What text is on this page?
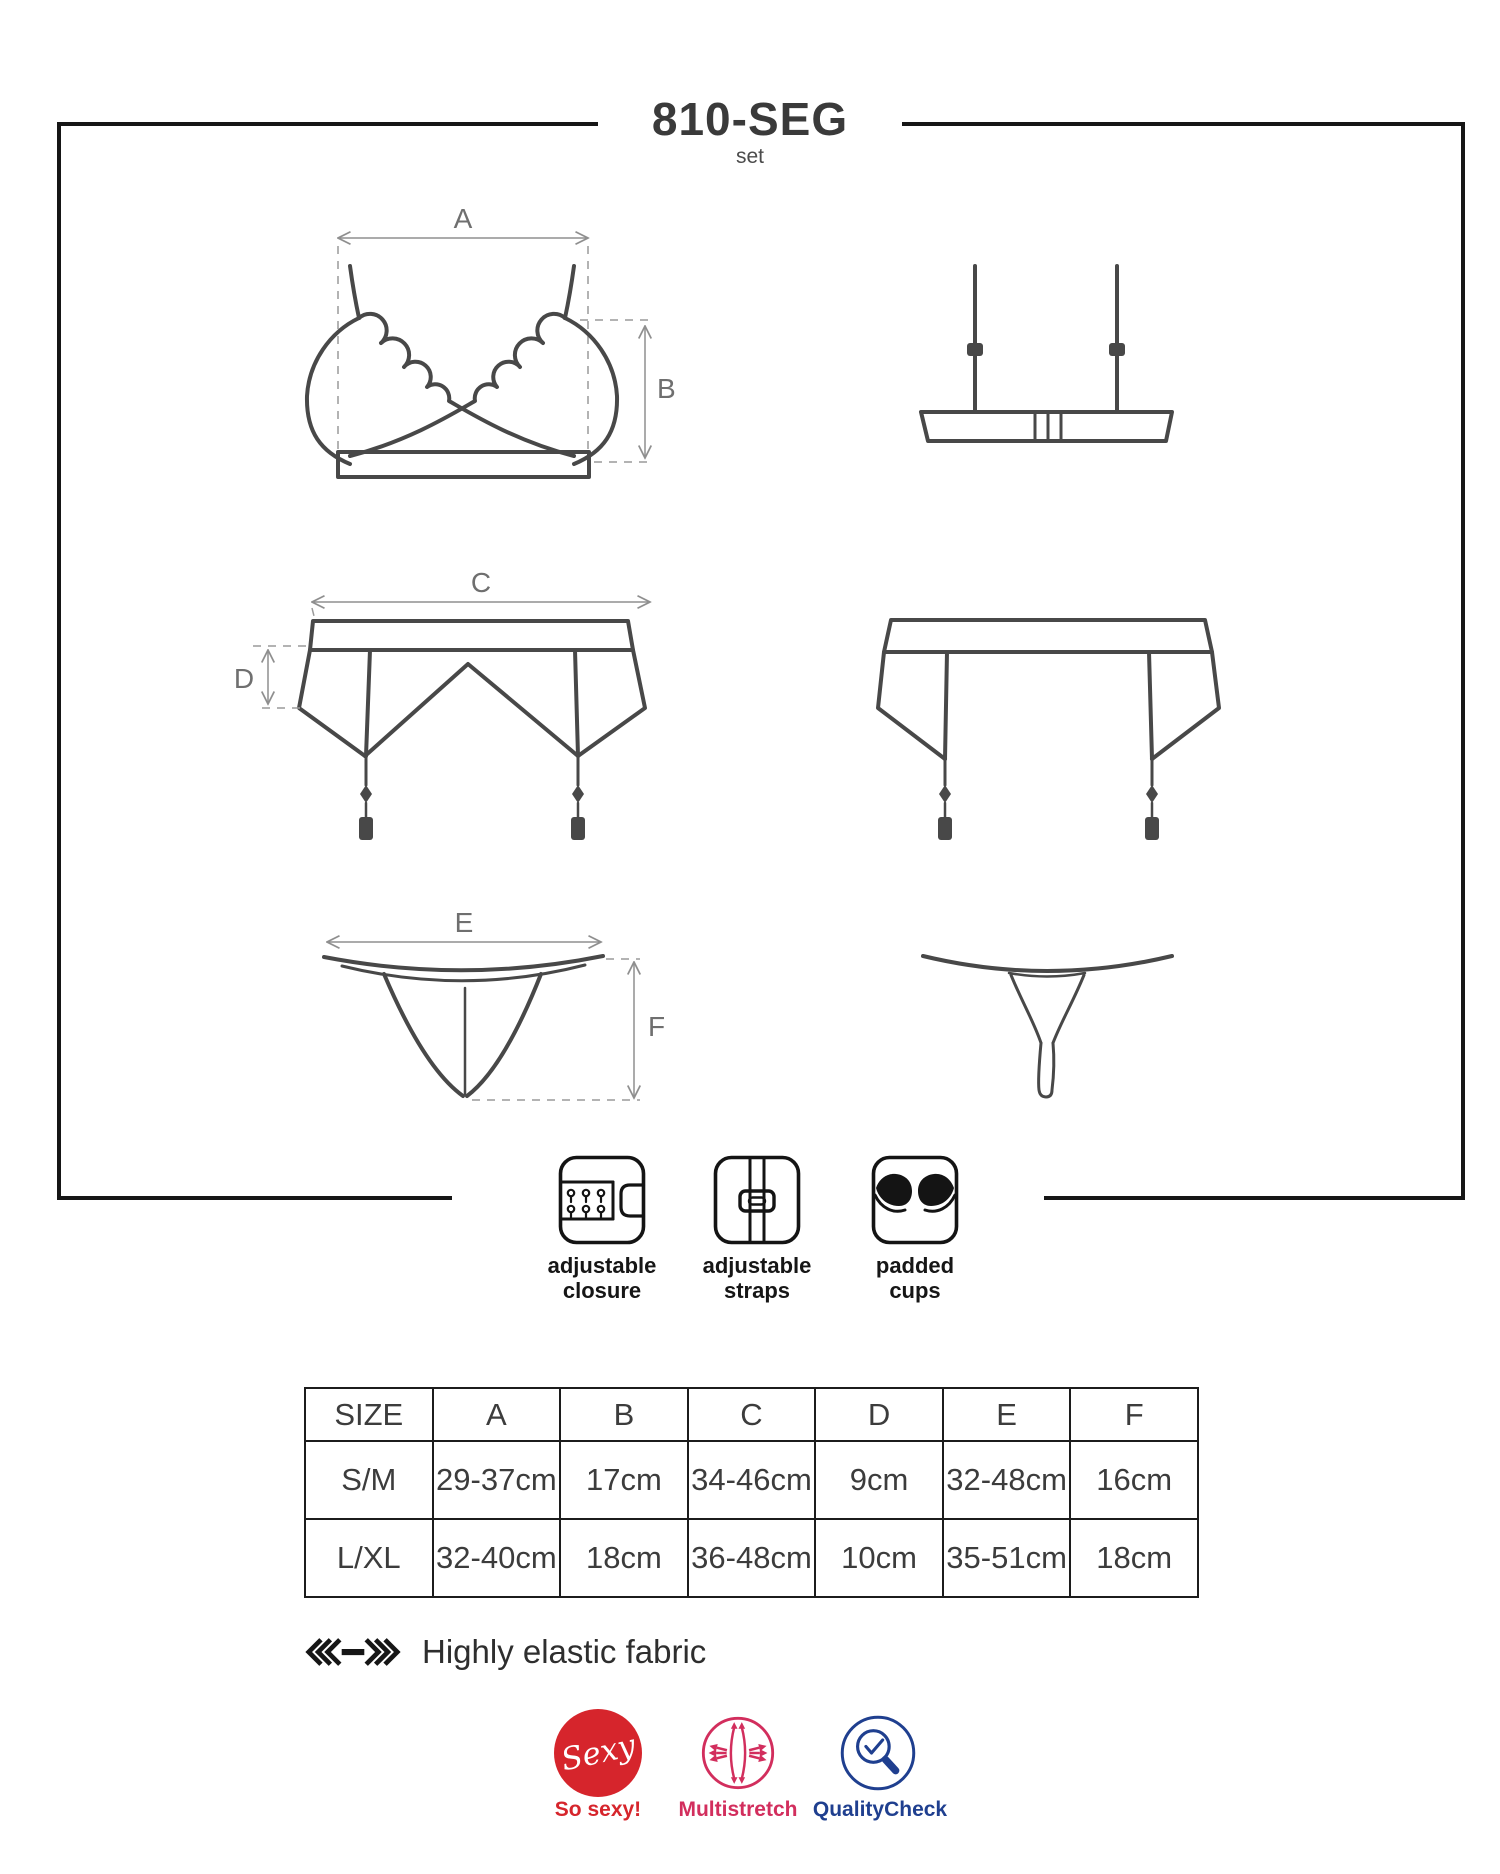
810-SEG
set
A
B
C
D
E
F
adjustable
closure
adjustable
straps
padded
cups
SIZE	A	B	C	D	E	F
S/M	29-37cm	17cm	34-46cm	9cm	32-48cm	16cm
L/XL	32-40cm	18cm	36-48cm	10cm	35-51cm	18cm
Highly elastic fabric
Sexy
So sexy!	Multistretch QualityCheck
